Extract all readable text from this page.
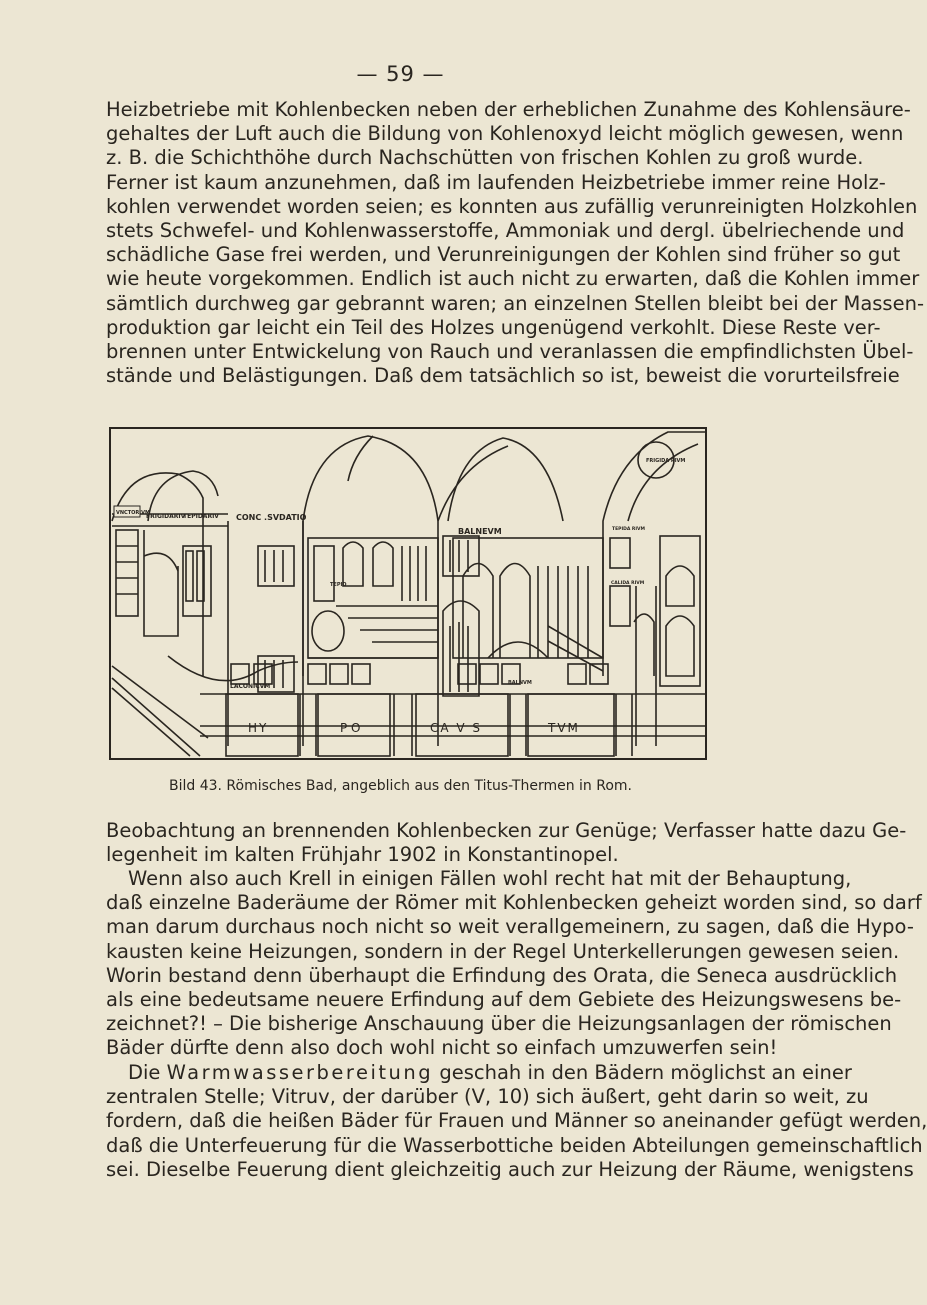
— 59 —
Heizbetriebe mit Kohlenbecken neben der erheblichen Zunahme des Kohlensäure-
gehaltes der Luft auch die Bildung von Kohlenoxyd leicht möglich gewesen, wenn
z. B. die Schichthöhe durch Nachschütten von frischen Kohlen zu groß wurde.
Ferner ist kaum anzunehmen, daß im laufenden Heizbetriebe immer reine Holz-
kohlen verwendet worden seien; es konnten aus zufällig verunreinigten Holzkohlen
stets Schwefel- und Kohlenwasserstoffe, Ammoniak und dergl. übelriechende und
schädliche Gase frei werden, und Verunreinigungen der Kohlen sind früher so gut
wie heute vorgekommen. Endlich ist auch nicht zu erwarten, daß die Kohlen immer
sämtlich durchweg gar gebrannt waren; an einzelnen Stellen bleibt bei der Massen-
produktion gar leicht ein Teil des Holzes ungenügend verkohlt. Diese Reste ver-
brennen unter Entwickelung von Rauch und veranlassen die empfindlichsten Übel-
stände und Belästigungen. Daß dem tatsächlich so ist, beweist die vorurteilsfreie
VNCTORIVM
FRIGIDARIV
TEPIDARIV CONC .SVDATIO
BALNEVM
FRIGIDA RIVM
TEPIDA RIVM
CALIDA RIVM
TEPID
BALNVM
LACONICVM
HY	P O	CA V S	TVM
Bild 43. Römisches Bad, angeblich aus den Titus-Thermen in Rom.
Beobachtung an brennenden Kohlenbecken zur Genüge; Verfasser hatte dazu Ge-
legenheit im kalten Frühjahr 1902 in Konstantinopel.
Wenn also auch Krell in einigen Fällen wohl recht hat mit der Behauptung,
daß einzelne Baderäume der Römer mit Kohlenbecken geheizt worden sind, so darf
man darum durchaus noch nicht so weit verallgemeinern, zu sagen, daß die Hypo-
kausten keine Heizungen, sondern in der Regel Unterkellerungen gewesen seien.
Worin bestand denn überhaupt die Erfindung des Orata, die Seneca ausdrücklich
als eine bedeutsame neuere Erfindung auf dem Gebiete des Heizungswesens be-
zeichnet?! – Die bisherige Anschauung über die Heizungsanlagen der römischen
Bäder dürfte denn also doch wohl nicht so einfach umzuwerfen sein!
Die Warmwasserbereitung geschah in den Bädern möglichst an einer
zentralen Stelle; Vitruv, der darüber (V, 10) sich äußert, geht darin so weit, zu
fordern, daß die heißen Bäder für Frauen und Männer so aneinander gefügt werden,
daß die Unterfeuerung für die Wasserbottiche beiden Abteilungen gemeinschaftlich
sei. Dieselbe Feuerung dient gleichzeitig auch zur Heizung der Räume, wenigstens
